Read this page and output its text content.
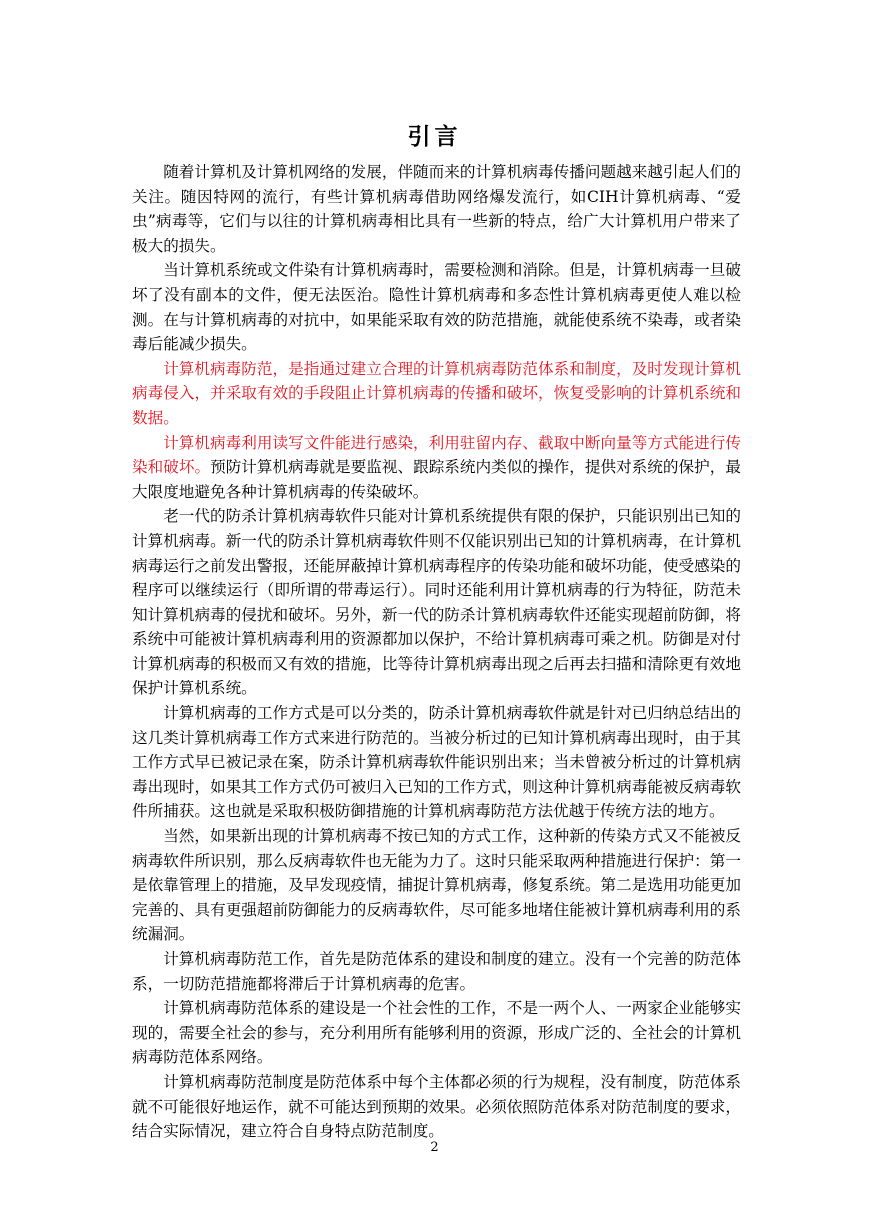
引言

随着计算机及计算机网络的发展，伴随而来的计算机病毒传播问题越来越引起人们的关注。随因特网的流行，有些计算机病毒借助网络爆发流行，如CIH计算机病毒、“爱虫”病毒等，它们与以往的计算机病毒相比具有一些新的特点，给广大计算机用户带来了极大的损失。

当计算机系统或文件染有计算机病毒时，需要检测和消除。但是，计算机病毒一旦破坏了没有副本的文件，便无法医治。隐性计算机病毒和多态性计算机病毒更使人难以检测。在与计算机病毒的对抗中，如果能采取有效的防范措施，就能使系统不染毒，或者染毒后能减少损失。

计算机病毒防范，是指通过建立合理的计算机病毒防范体系和制度，及时发现计算机病毒侵入，并采取有效的手段阻止计算机病毒的传播和破坏，恢复受影响的计算机系统和数据。

计算机病毒利用读写文件能进行感染，利用驻留内存、截取中断向量等方式能进行传染和破坏。预防计算机病毒就是要监视、跟踪系统内类似的操作，提供对系统的保护，最大限度地避免各种计算机病毒的传染破坏。

老一代的防杀计算机病毒软件只能对计算机系统提供有限的保护，只能识别出已知的计算机病毒。新一代的防杀计算机病毒软件则不仅能识别出已知的计算机病毒，在计算机病毒运行之前发出警报，还能屏蔽掉计算机病毒程序的传染功能和破坏功能，使受感染的程序可以继续运行（即所谓的带毒运行）。同时还能利用计算机病毒的行为特征，防范未知计算机病毒的侵扰和破坏。另外，新一代的防杀计算机病毒软件还能实现超前防御，将系统中可能被计算机病毒利用的资源都加以保护，不给计算机病毒可乘之机。防御是对付计算机病毒的积极而又有效的措施，比等待计算机病毒出现之后再去扫描和清除更有效地保护计算机系统。

计算机病毒的工作方式是可以分类的，防杀计算机病毒软件就是针对已归纳总结出的这几类计算机病毒工作方式来进行防范的。当被分析过的已知计算机病毒出现时，由于其工作方式早已被记录在案，防杀计算机病毒软件能识别出来；当未曾被分析过的计算机病毒出现时，如果其工作方式仍可被归入已知的工作方式，则这种计算机病毒能被反病毒软件所捕获。这也就是采取积极防御措施的计算机病毒防范方法优越于传统方法的地方。

当然，如果新出现的计算机病毒不按已知的方式工作，这种新的传染方式又不能被反病毒软件所识别，那么反病毒软件也无能为力了。这时只能采取两种措施进行保护：第一是依靠管理上的措施，及早发现疫情，捕捉计算机病毒，修复系统。第二是选用功能更加完善的、具有更强超前防御能力的反病毒软件，尽可能多地堵住能被计算机病毒利用的系统漏洞。

计算机病毒防范工作，首先是防范体系的建设和制度的建立。没有一个完善的防范体系，一切防范措施都将滞后于计算机病毒的危害。

计算机病毒防范体系的建设是一个社会性的工作，不是一两个人、一两家企业能够实现的，需要全社会的参与，充分利用所有能够利用的资源，形成广泛的、全社会的计算机病毒防范体系网络。

计算机病毒防范制度是防范体系中每个主体都必须的行为规程，没有制度，防范体系就不可能很好地运作，就不可能达到预期的效果。必须依照防范体系对防范制度的要求，结合实际情况，建立符合自身特点防范制度。

2
